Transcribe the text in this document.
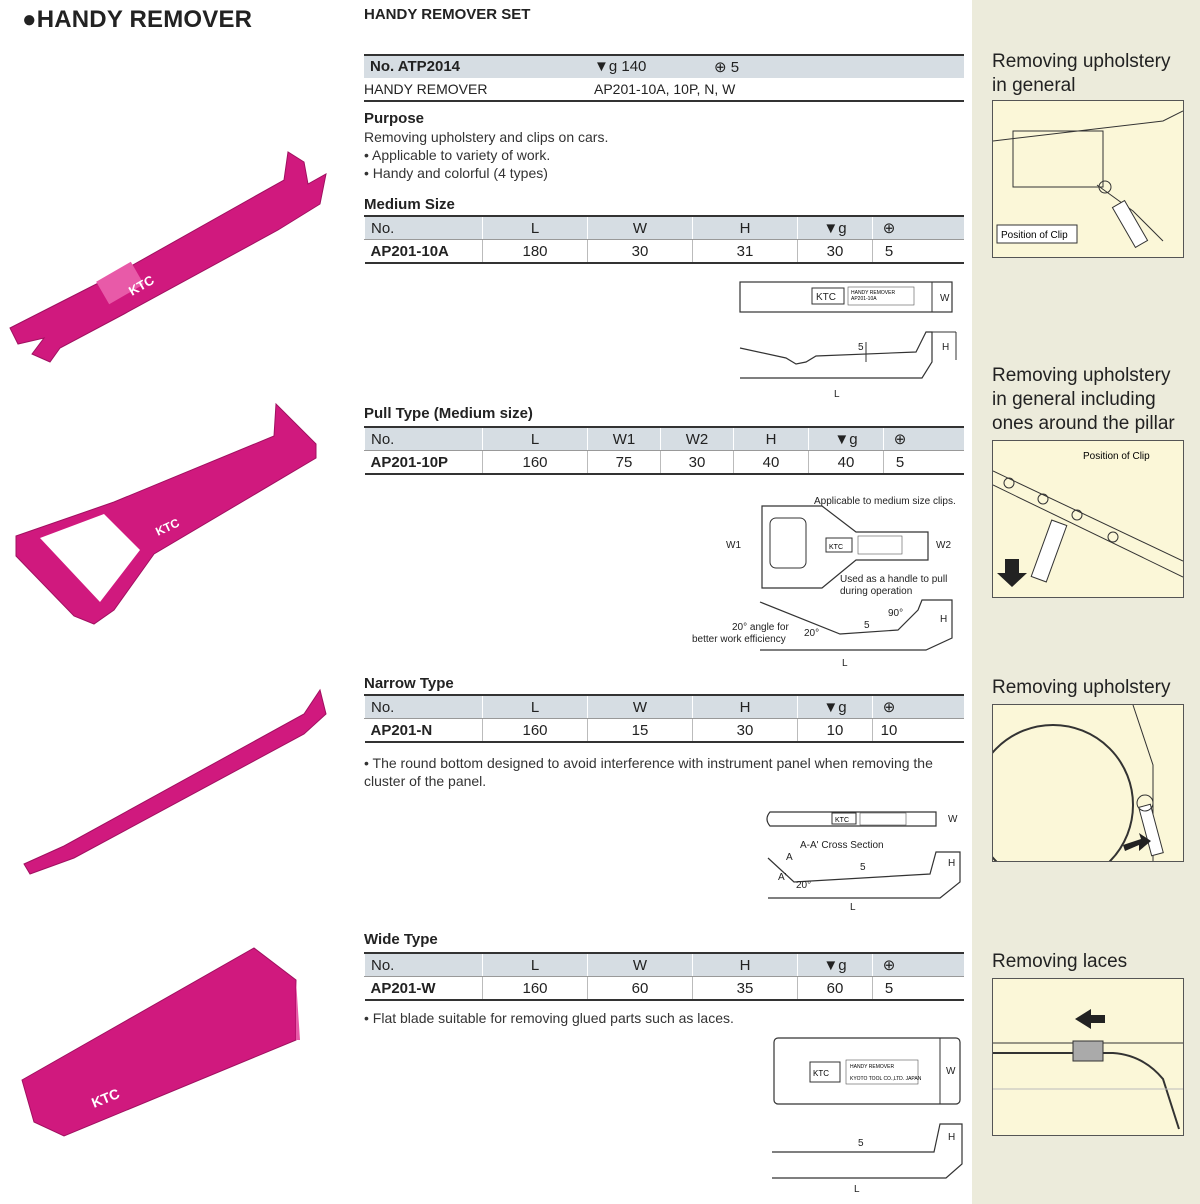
●HANDY REMOVER	HANDY REMOVER SET
No. ATP2014	▼g 140	⊕ 5
HANDY REMOVER	AP201-10A, 10P, N, W
Purpose
Removing upholstery and clips on cars.
• Applicable to variety of work.
• Handy and colorful (4 types)
Medium Size
No.	L	W	H	▼g	⊕	
AP201-10A	180	30	31	30	5	
KTC	HANDY REMOVER
AP201-10A	W
H
5
L
Pull Type (Medium size)
No.	L	W1	W2	H	▼g	⊕	
AP201-10P	160	75	30	40	40	5	
Applicable to medium size clips.
KTC
W1	W2
Used as a handle to pull
during operation
90°
20° angle for
better work efficiency
20°
5
H
L
Narrow Type
No.	L	W	H	▼g	⊕	
AP201-N	160	15	30	10	10	
• The round bottom designed to avoid interference with instrument panel when removing the cluster of the panel.
KTC	W
A-A' Cross Section
A
A'
20°
5	H
L
Wide Type
No.	L	W	H	▼g	⊕	
AP201-W	160	60	35	60	5	
• Flat blade suitable for removing glued parts such as laces.
KTC
HANDY REMOVER
KYOTO TOOL CO.,LTD. JAPAN
W
5
H
L
KTC
KTC
KTC
KTC
Removing upholstery
in general
Position of Clip
Removing upholstery
in general including
ones around the pillar
Position of Clip
Removing upholstery
Removing laces
